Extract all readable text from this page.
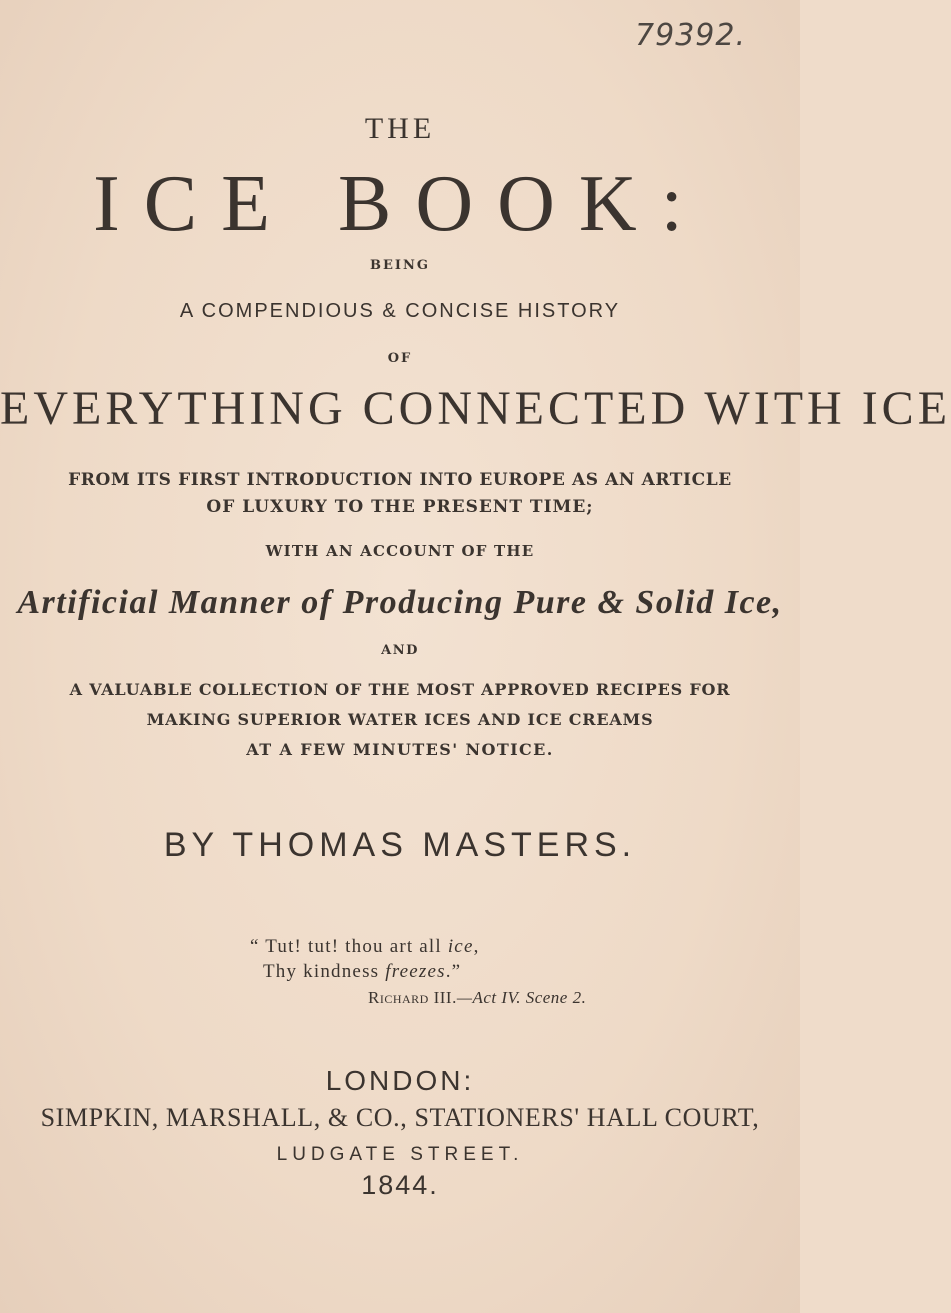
79392.
THE
ICE BOOK:
BEING
A COMPENDIOUS & CONCISE HISTORY
OF
EVERYTHING CONNECTED WITH ICE
FROM ITS FIRST INTRODUCTION INTO EUROPE AS AN ARTICLE
OF LUXURY TO THE PRESENT TIME;
WITH AN ACCOUNT OF THE
Artificial Manner of Producing Pure & Solid Ice,
AND
A VALUABLE COLLECTION OF THE MOST APPROVED RECIPES FOR
MAKING SUPERIOR WATER ICES AND ICE CREAMS
AT A FEW MINUTES' NOTICE.
BY THOMAS MASTERS.
“ Tut! tut! thou art all ice,
Thy kindness freezes.”
Richard III.—Act IV. Scene 2.
LONDON:
SIMPKIN, MARSHALL, & CO., STATIONERS' HALL COURT,
LUDGATE STREET.
1844.
